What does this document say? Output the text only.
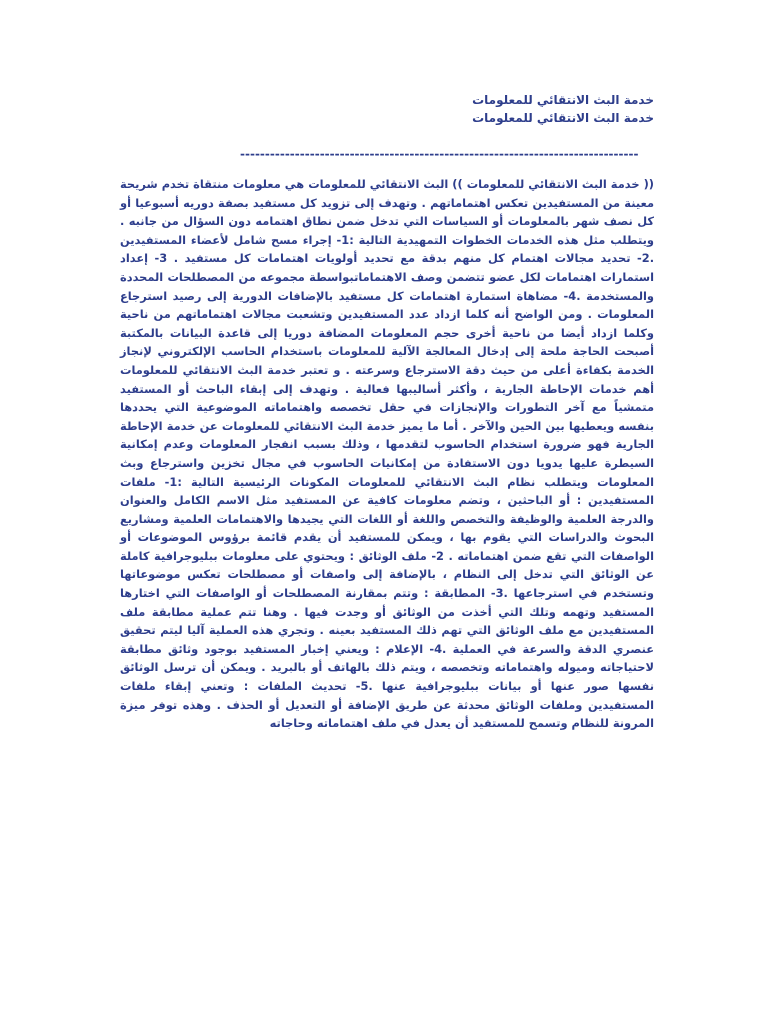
خدمة البث الانتقائي للمعلومات
خدمة البث الانتقائي للمعلومات
--------------------------------------------------------------------------------
(( خدمة البث الانتقائي للمعلومات )) البث الانتقائي للمعلومات هي معلومات منتقاة تخدم شريحة معينة من المستفيدين تعكس اهتماماتهم . وتهدف إلى تزويد كل مستفيد بصفة دوريه أسبوعيا أو كل نصف شهر بالمعلومات أو السياسات التي تدخل ضمن نطاق اهتمامه دون السؤال من جانبه . ويتطلب مثل هذه الخدمات الخطوات التمهيدية التالية :1- إجراء مسح شامل لأعضاء المستفيدين .2- تحديد مجالات اهتمام كل منهم بدقة مع تحديد أولويات اهتمامات كل مستفيد . 3- إعداد استمارات اهتمامات لكل عضو تتضمن وصف الاهتماماتبواسطة مجموعه من المصطلحات المحددة والمستخدمة .4- مضاهاة استمارة اهتمامات كل مستفيد بالإضافات الدورية إلى رصيد استرجاع المعلومات . ومن الواضح أنه كلما ازداد عدد المستفيدين وتشعبت مجالات اهتماماتهم من ناحية وكلما ازداد أيضا من ناحية أخرى حجم المعلومات المضافة دوريا إلى قاعدة البيانات بالمكتبة أصبحت الحاجة ملحة إلى إدخال المعالجة الآلية للمعلومات باستخدام الحاسب الإلكتروني لإنجاز الخدمة بكفاءة أعلى من حيث دقة الاسترجاع وسرعته . و تعتبر خدمة البث الانتقائي للمعلومات أهم خدمات الإحاطة الجارية ، وأكثر أساليبها فعالية . وتهدف إلى إبقاء الباحث أو المستفيد متمشياً مع آخر التطورات والإنجازات في حقل تخصصه واهتماماته الموضوعية التي يحددها بنفسه ويعطيها بين الحين والآخر . أما ما يميز خدمة البث الانتقائي للمعلومات عن خدمة الإحاطة الجارية فهو ضرورة استخدام الحاسوب لتقدمها ، وذلك بسبب انفجار المعلومات وعدم إمكانية السيطرة عليها يدويا دون الاستفادة من إمكانيات الحاسوب في مجال تخزين واسترجاع وبث المعلومات ويتطلب نظام البث الانتقائي للمعلومات المكونات الرئيسية التالية :1- ملفات المستفيدين : أو الباحثين ، وتضم معلومات كافية عن المستفيد مثل الاسم الكامل والعنوان والدرجة العلمية والوظيفة والتخصص واللغة أو اللغات التي يجيدها والاهتمامات العلمية ومشاريع البحوث والدراسات التي يقوم بها ، ويمكن للمستفيد أن يقدم قائمة برؤوس الموضوعات أو الواصفات التي تقع ضمن اهتماماته . 2- ملف الوثائق : ويحتوي على معلومات ببليوجرافية كاملة عن الوثائق التي تدخل إلى النظام ، بالإضافة إلى واصفات أو مصطلحات تعكس موضوعاتها وتستخدم في استرجاعها .3- المطابقة : وتتم بمقارنة المصطلحات أو الواصفات التي اختارها المستفيد وتهمه وتلك التي أخذت من الوثائق أو وجدت فيها . وهنا تتم عملية مطابقة ملف المستفيدين مع ملف الوثائق التي تهم ذلك المستفيد بعينه . وتجري هذه العملية آليا ليتم تحقيق عنصري الدقة والسرعة في العملية .4- الإعلام : ويعني إخبار المستفيد بوجود وثائق مطابقة لاحتياجاته وميوله واهتماماته وتخصصه ، ويتم ذلك بالهاتف أو بالبريد . ويمكن أن ترسل الوثائق نفسها صور عنها أو بيانات ببليوجرافية عنها .5- تحديث الملفات : وتعني إبقاء ملفات المستفيدين وملفات الوثائق محدثة عن طريق الإضافة أو التعديل أو الحذف . وهذه توفر ميزة المرونة للنظام وتسمح للمستفيد أن يعدل في ملف اهتماماته وحاجاته
